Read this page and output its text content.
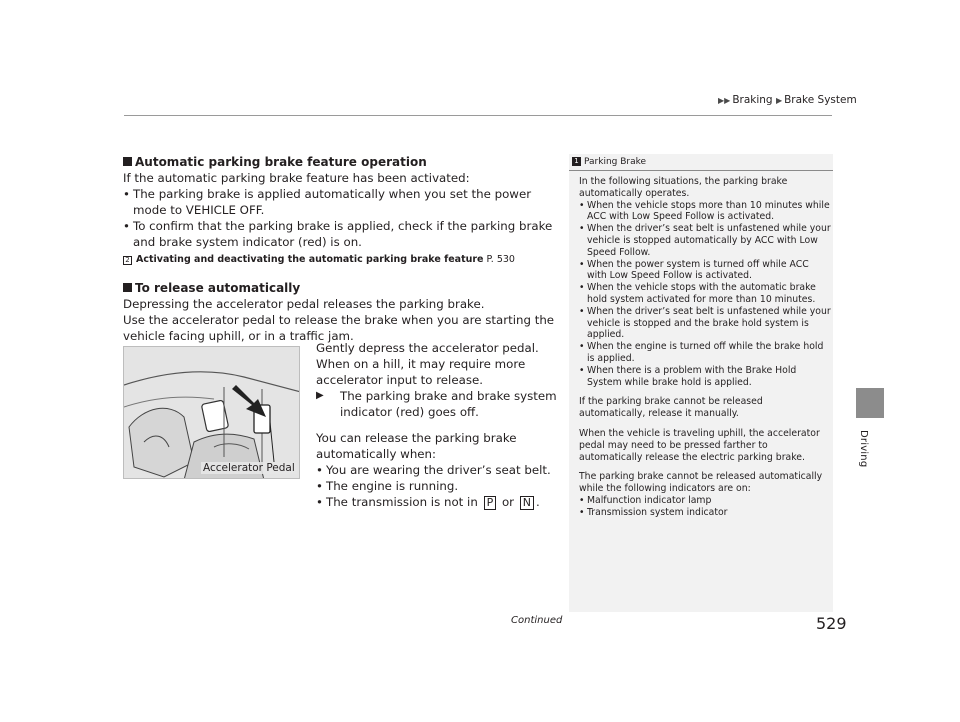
▶▶ Braking ▶ Brake System
Driving
Automatic parking brake feature operation
If the automatic parking brake feature has been activated:
• The parking brake is applied automatically when you set the power mode to VEHICLE OFF.
• To confirm that the parking brake is applied, check if the parking brake and brake system indicator (red) is on.
2 Activating and deactivating the automatic parking brake feature P. 530
To release automatically
Depressing the accelerator pedal releases the parking brake.
Use the accelerator pedal to release the brake when you are starting the vehicle facing uphill, or in a traffic jam.
Accelerator Pedal
Gently depress the accelerator pedal.
When on a hill, it may require more
accelerator input to release.
▶	The parking brake and brake system indicator (red) goes off.
You can release the parking brake automatically when:
• You are wearing the driver’s seat belt.
• The engine is running.
• The transmission is not in P or N .
1 Parking Brake
In the following situations, the parking brake automatically operates.
• When the vehicle stops more than 10 minutes while ACC with Low Speed Follow is activated.
• When the driver’s seat belt is unfastened while your vehicle is stopped automatically by ACC with Low Speed Follow.
• When the power system is turned off while ACC with Low Speed Follow is activated.
• When the vehicle stops with the automatic brake hold system activated for more than 10 minutes.
• When the driver’s seat belt is unfastened while your vehicle is stopped and the brake hold system is applied.
• When the engine is turned off while the brake hold is applied.
• When there is a problem with the Brake Hold System while brake hold is applied.
If the parking brake cannot be released automatically, release it manually.
When the vehicle is traveling uphill, the accelerator pedal may need to be pressed farther to automatically release the electric parking brake.
The parking brake cannot be released automatically while the following indicators are on:
• Malfunction indicator lamp
• Transmission system indicator
Continued	529
